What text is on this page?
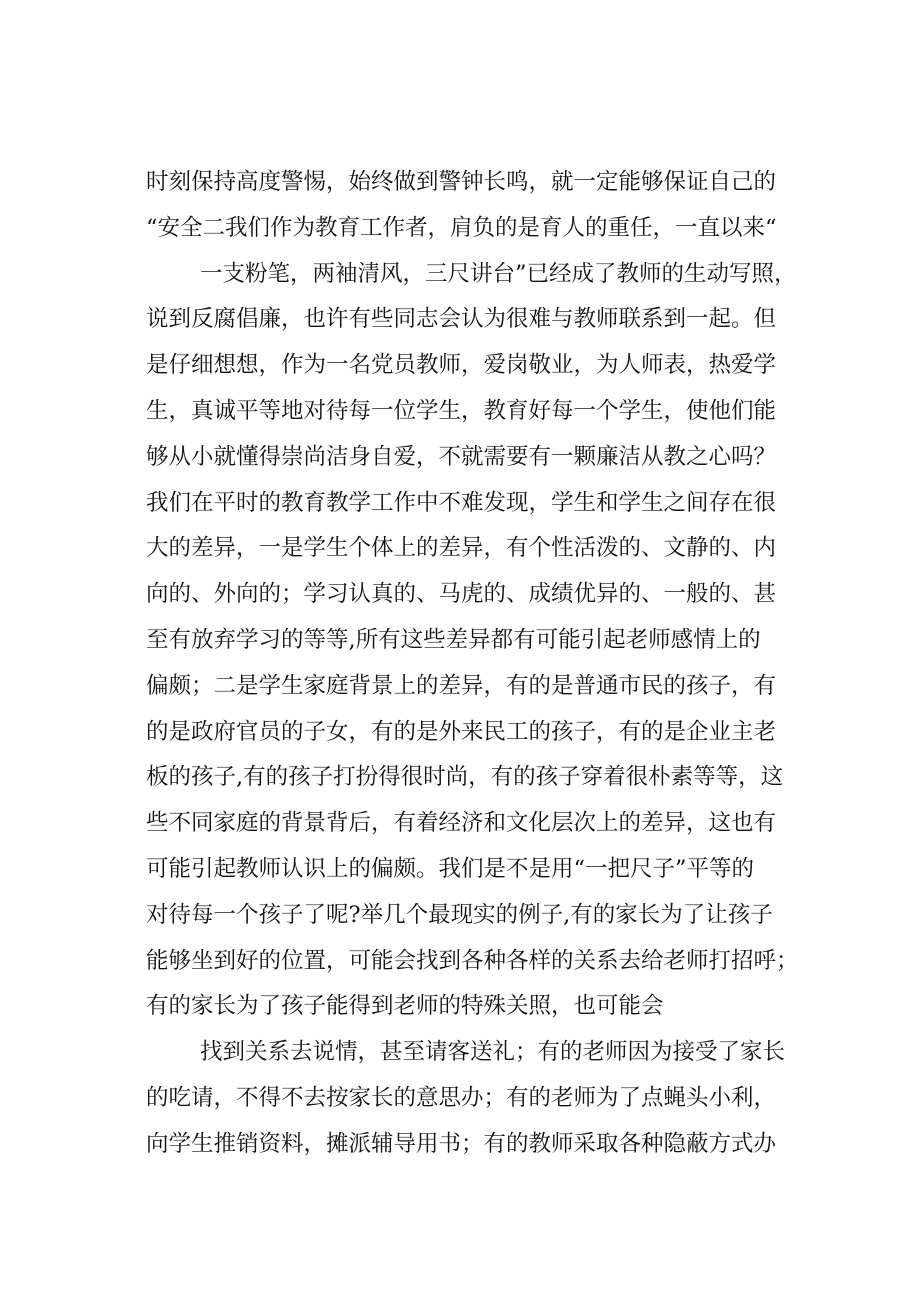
时刻保持高度警惕，始终做到警钟长鸣，就一定能够保证自己的
“安全二我们作为教育工作者，肩负的是育人的重任，一直以来“
一支粉笔，两袖清风，三尺讲台”已经成了教师的生动写照，
说到反腐倡廉，也许有些同志会认为很难与教师联系到一起。但
是仔细想想，作为一名党员教师，爱岗敬业，为人师表，热爱学
生，真诚平等地对待每一位学生，教育好每一个学生，使他们能
够从小就懂得崇尚洁身自爱，不就需要有一颗廉洁从教之心吗？
我们在平时的教育教学工作中不难发现，学生和学生之间存在很
大的差异，一是学生个体上的差异，有个性活泼的、文静的、内
向的、外向的；学习认真的、马虎的、成绩优异的、一般的、甚
至有放弃学习的等等,所有这些差异都有可能引起老师感情上的
偏颇；二是学生家庭背景上的差异，有的是普通市民的孩子，有
的是政府官员的子女，有的是外来民工的孩子，有的是企业主老
板的孩子,有的孩子打扮得很时尚，有的孩子穿着很朴素等等，这
些不同家庭的背景背后，有着经济和文化层次上的差异，这也有
可能引起教师认识上的偏颇。我们是不是用“一把尺子”平等的
对待每一个孩子了呢?举几个最现实的例子,有的家长为了让孩子
能够坐到好的位置，可能会找到各种各样的关系去给老师打招呼；
有的家长为了孩子能得到老师的特殊关照，也可能会
找到关系去说情，甚至请客送礼；有的老师因为接受了家长
的吃请，不得不去按家长的意思办；有的老师为了点蝇头小利，
向学生推销资料，摊派辅导用书；有的教师采取各种隐蔽方式办
